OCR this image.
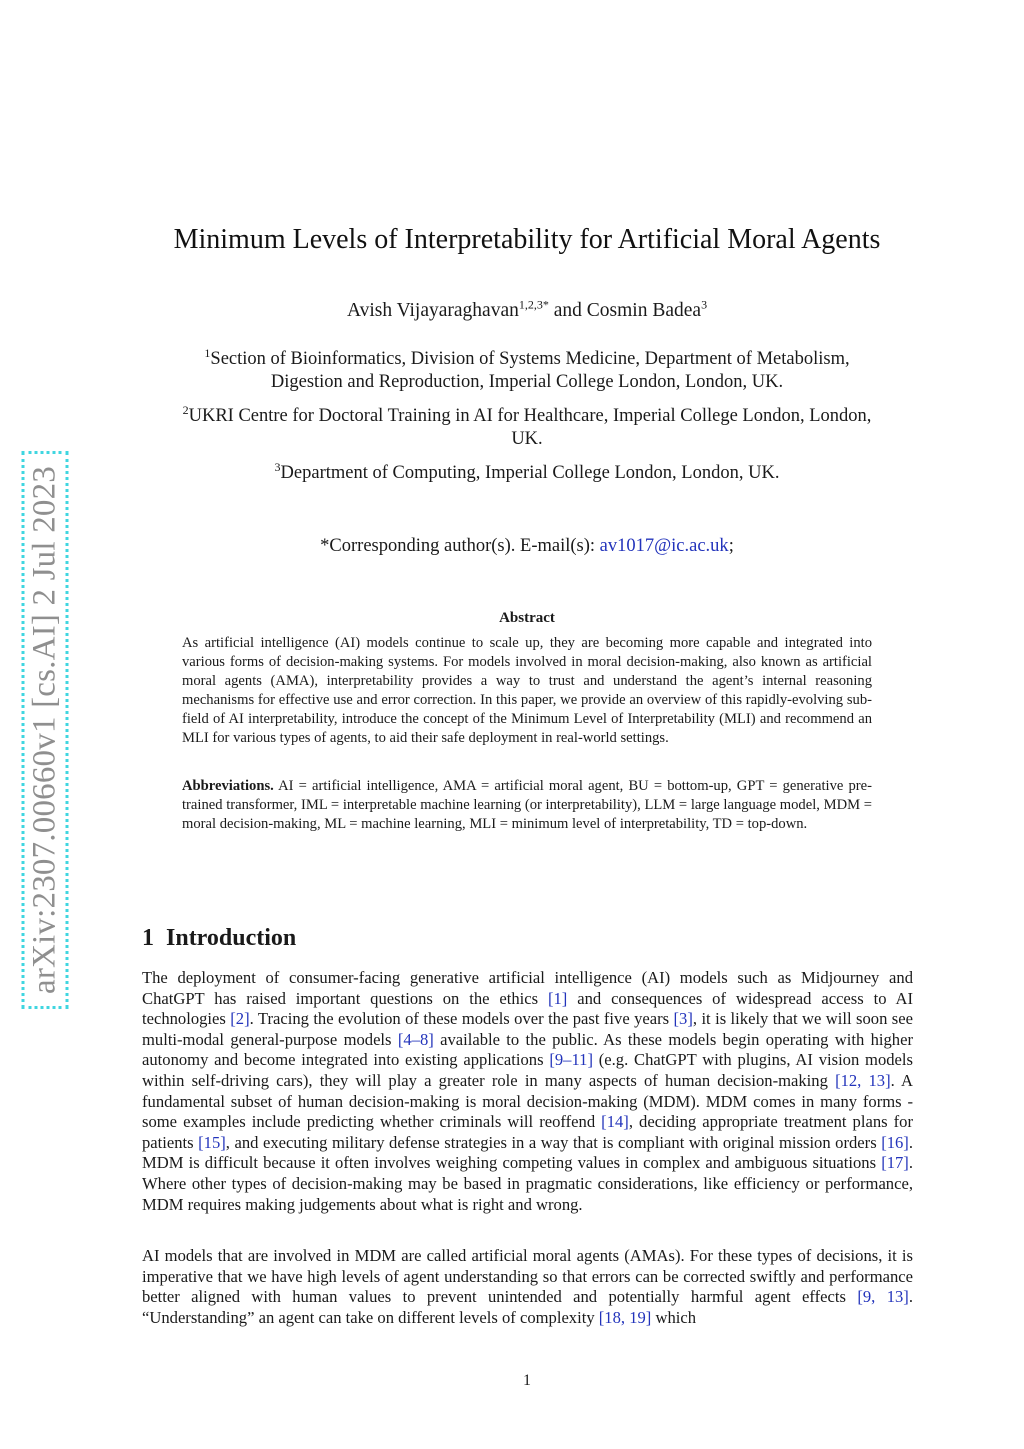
arXiv:2307.00660v1 [cs.AI] 2 Jul 2023
Minimum Levels of Interpretability for Artificial Moral Agents
Avish Vijayaraghavan$^{1,2,3*}$ and Cosmin Badea$^3$
$^1$Section of Bioinformatics, Division of Systems Medicine, Department of Metabolism, Digestion and Reproduction, Imperial College London, London, UK.
$^2$UKRI Centre for Doctoral Training in AI for Healthcare, Imperial College London, London, UK.
$^3$Department of Computing, Imperial College London, London, UK.
*Corresponding author(s). E-mail(s): av1017@ic.ac.uk;
Abstract
As artificial intelligence (AI) models continue to scale up, they are becoming more capable and integrated into various forms of decision-making systems. For models involved in moral decision-making, also known as artificial moral agents (AMA), interpretability provides a way to trust and understand the agent’s internal reasoning mechanisms for effective use and error correction. In this paper, we provide an overview of this rapidly-evolving sub-field of AI interpretability, introduce the concept of the Minimum Level of Interpretability (MLI) and recommend an MLI for various types of agents, to aid their safe deployment in real-world settings.
Abbreviations. AI = artificial intelligence, AMA = artificial moral agent, BU = bottom-up, GPT = generative pre-trained transformer, IML = interpretable machine learning (or interpretability), LLM = large language model, MDM = moral decision-making, ML = machine learning, MLI = minimum level of interpretability, TD = top-down.
1 Introduction
The deployment of consumer-facing generative artificial intelligence (AI) models such as Midjourney and ChatGPT has raised important questions on the ethics [1] and consequences of widespread access to AI technologies [2]. Tracing the evolution of these models over the past five years [3], it is likely that we will soon see multi-modal general-purpose models [4–8] available to the public. As these models begin operating with higher autonomy and become integrated into existing applications [9–11] (e.g. ChatGPT with plugins, AI vision models within self-driving cars), they will play a greater role in many aspects of human decision-making [12, 13]. A fundamental subset of human decision-making is moral decision-making (MDM). MDM comes in many forms - some examples include predicting whether criminals will reoffend [14], deciding appropriate treatment plans for patients [15], and executing military defense strategies in a way that is compliant with original mission orders [16]. MDM is difficult because it often involves weighing competing values in complex and ambiguous situations [17]. Where other types of decision-making may be based in pragmatic considerations, like efficiency or performance, MDM requires making judgements about what is right and wrong.
AI models that are involved in MDM are called artificial moral agents (AMAs). For these types of decisions, it is imperative that we have high levels of agent understanding so that errors can be corrected swiftly and performance better aligned with human values to prevent unintended and potentially harmful agent effects [9, 13]. “Understanding” an agent can take on different levels of complexity [18, 19] which
1
